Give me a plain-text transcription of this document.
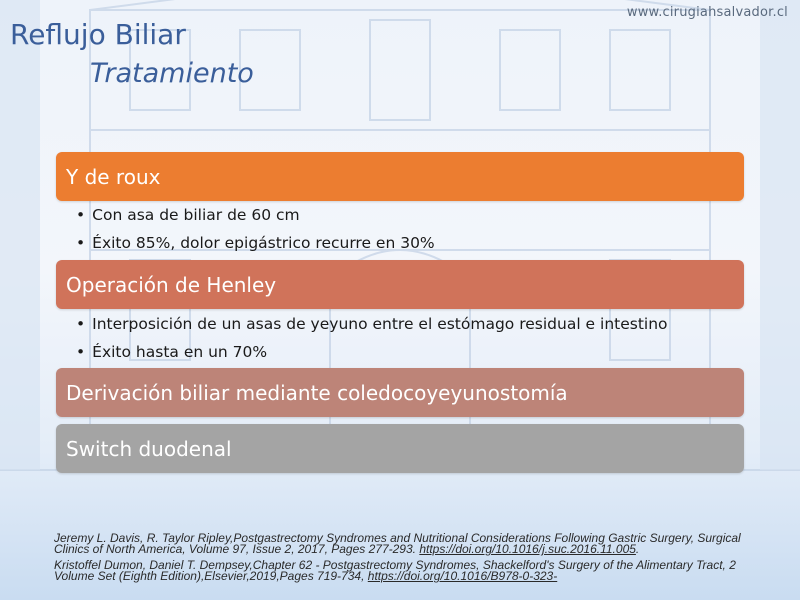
www.cirugiahsalvador.cl
Reflujo Biliar
Tratamiento
Y de roux
• Con asa de biliar de 60 cm
• Éxito 85%, dolor epigástrico recurre en 30%
Operación de Henley
• Interposición de un asas de yeyuno entre el estómago residual e intestino
• Éxito hasta en un 70%
Derivación biliar mediante coledocoyeyunostomía
Switch duodenal
Jeremy L. Davis, R. Taylor Ripley,Postgastrectomy Syndromes and Nutritional Considerations Following Gastric Surgery, Surgical Clinics of North America, Volume 97, Issue 2, 2017, Pages 277-293. https://doi.org/10.1016/j.suc.2016.11.005.
Kristoffel Dumon, Daniel T. Dempsey,Chapter 62 - Postgastrectomy Syndromes, Shackelford's Surgery of the Alimentary Tract, 2 Volume Set (Eighth Edition),Elsevier,2019,Pages 719-734, https://doi.org/10.1016/B978-0-323-
